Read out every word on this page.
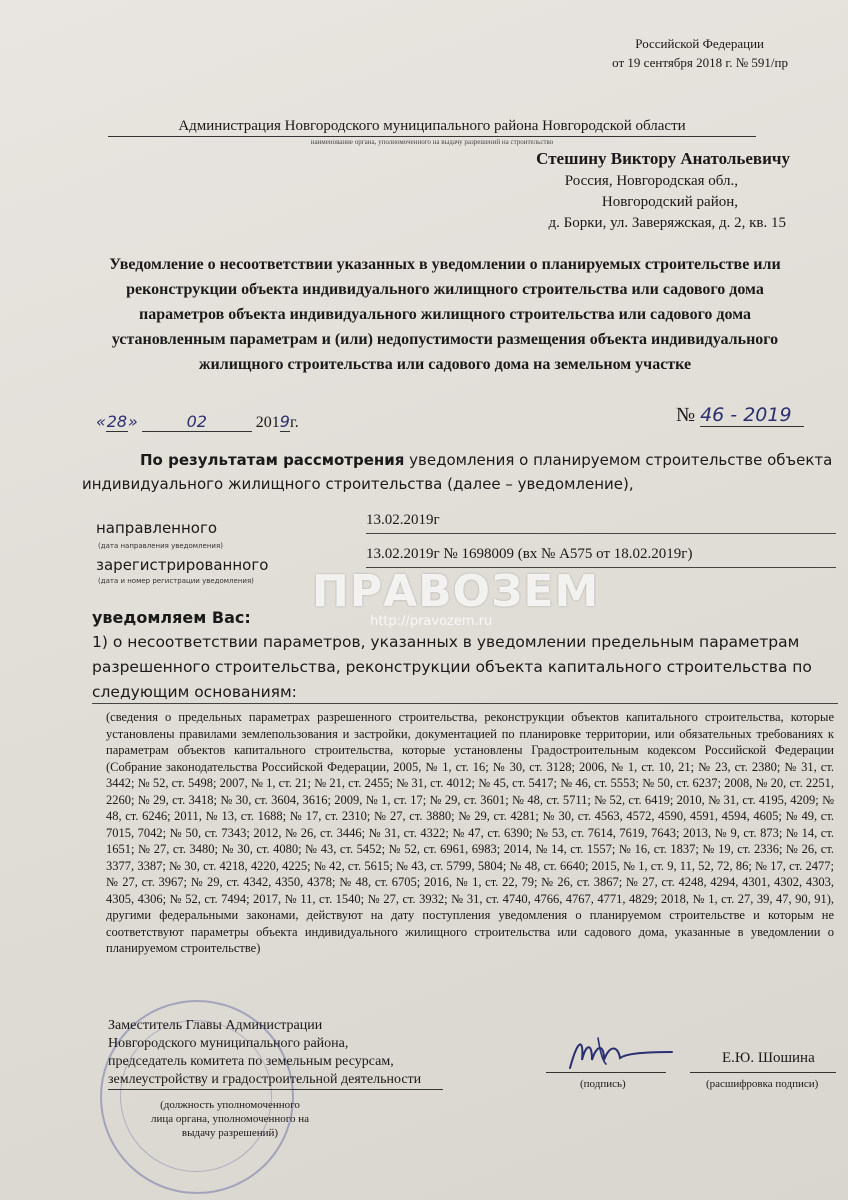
Российской Федерации
от 19 сентября 2018 г. № 591/пр
Администрация Новгородского муниципального района Новгородской области
наименование органа, уполномоченного на выдачу разрешений на строительство
Стешину Виктору Анатольевичу
Россия, Новгородская обл.,
Новгородский район,
д. Борки, ул. Заверяжская, д. 2, кв. 15
Уведомление о несоответствии указанных в уведомлении о планируемых строительстве или реконструкции объекта индивидуального жилищного строительства или садового дома параметров объекта индивидуального жилищного строительства или садового дома установленным параметрам и (или) недопустимости размещения объекта индивидуального жилищного строительства или садового дома на земельном участке
«28»	02	2019г.	№ 46 - 2019
По результатам рассмотрения уведомления о планируемом строительстве объекта индивидуального жилищного строительства (далее – уведомление),
направленного	13.02.2019г
(дата направления уведомления)
зарегистрированного
13.02.2019г № 1698009 (вх № А575 от 18.02.2019г)
(дата и номер регистрации уведомления) ПРАВОЗЕМ
http://pravozem.ru
уведомляем Вас:
1) о несоответствии параметров, указанных в уведомлении предельным параметрам разрешенного строительства, реконструкции объекта капитального строительства по следующим основаниям:
(сведения о предельных параметрах разрешенного строительства, реконструкции объектов капитального строительства, которые установлены правилами землепользования и застройки, документацией по планировке территории, или обязательных требованиях к параметрам объектов капитального строительства, которые установлены Градостроительным кодексом Российской Федерации (Собрание законодательства Российской Федерации, 2005, № 1, ст. 16; № 30, ст. 3128; 2006, № 1, ст. 10, 21; № 23, ст. 2380; № 31, ст. 3442; № 52, ст. 5498; 2007, № 1, ст. 21; № 21, ст. 2455; № 31, ст. 4012; № 45, ст. 5417; № 46, ст. 5553; № 50, ст. 6237; 2008, № 20, ст. 2251, 2260; № 29, ст. 3418; № 30, ст. 3604, 3616; 2009, № 1, ст. 17; № 29, ст. 3601; № 48, ст. 5711; № 52, ст. 6419; 2010, № 31, ст. 4195, 4209; № 48, ст. 6246; 2011, № 13, ст. 1688; № 17, ст. 2310; № 27, ст. 3880; № 29, ст. 4281; № 30, ст. 4563, 4572, 4590, 4591, 4594, 4605; № 49, ст. 7015, 7042; № 50, ст. 7343; 2012, № 26, ст. 3446; № 31, ст. 4322; № 47, ст. 6390; № 53, ст. 7614, 7619, 7643; 2013, № 9, ст. 873; № 14, ст. 1651; № 27, ст. 3480; № 30, ст. 4080; № 43, ст. 5452; № 52, ст. 6961, 6983; 2014, № 14, ст. 1557; № 16, ст. 1837; № 19, ст. 2336; № 26, ст. 3377, 3387; № 30, ст. 4218, 4220, 4225; № 42, ст. 5615; № 43, ст. 5799, 5804; № 48, ст. 6640; 2015, № 1, ст. 9, 11, 52, 72, 86; № 17, ст. 2477; № 27, ст. 3967; № 29, ст. 4342, 4350, 4378; № 48, ст. 6705; 2016, № 1, ст. 22, 79; № 26, ст. 3867; № 27, ст. 4248, 4294, 4301, 4302, 4303, 4305, 4306; № 52, ст. 7494; 2017, № 11, ст. 1540; № 27, ст. 3932; № 31, ст. 4740, 4766, 4767, 4771, 4829; 2018, № 1, ст. 27, 39, 47, 90, 91), другими федеральными законами, действуют на дату поступления уведомления о планируемом строительстве и которым не соответствуют параметры объекта индивидуального жилищного строительства или садового дома, указанные в уведомлении о планируемом строительстве)
Заместитель Главы Администрации
Новгородского муниципального района,
председатель комитета по земельным ресурсам,
землеустройству и градостроительной деятельности
(должность уполномоченного
лица органа, уполномоченного на
выдачу разрешений)
(подпись)
Е.Ю. Шошина
(расшифровка подписи)
